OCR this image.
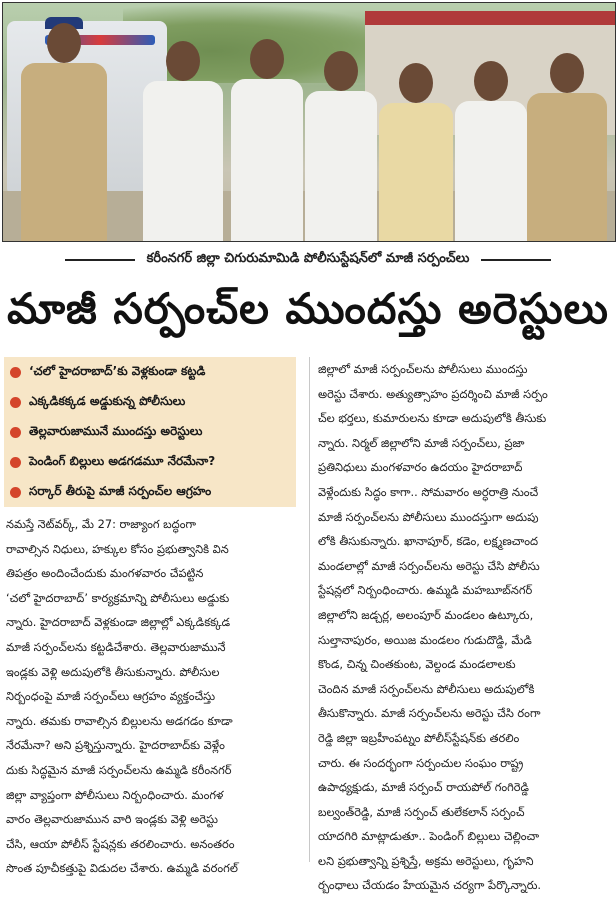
కరీంనగర్ జిల్లా చిగురుమామిడి పోలీసుస్టేషన్‌లో మాజీ సర్పంచ్‌లు
మాజీ సర్పంచ్‌ల ముందస్తు అరెస్టులు
‘చలో హైదరాబాద్’కు వెళ్లకుండా కట్టడి
ఎక్కడికక్కడ అడ్డుకున్న పోలీసులు
తెల్లవారుజామునే ముందస్తు అరెస్టులు
పెండింగ్ బిల్లులు అడగడమూ నేరమేనా?
సర్కార్ తీరుపై మాజీ సర్పంచ్‌ల ఆగ్రహం
నమస్తే నెట్‌వర్క్, మే 27: రాజ్యాంగ బద్ధంగా
రావాల్సిన నిధులు, హక్కుల కోసం ప్రభుత్వానికి విన
తిపత్రం అందించేందుకు మంగళవారం చేపట్టిన
‘చలో హైదరాబాద్’ కార్యక్రమాన్ని పోలీసులు అడ్డుకు
న్నారు. హైదరాబాద్ వెళ్లకుండా జిల్లాల్లో ఎక్కడికక్కడ
మాజీ సర్పంచ్‌లను కట్టడిచేశారు. తెల్లవారుజామునే
ఇండ్లకు వెళ్లి అదుపులోకి తీసుకున్నారు. పోలీసుల
నిర్బంధంపై మాజీ సర్పంచ్‌లు ఆగ్రహం వ్యక్తంచేస్తు
న్నారు. తమకు రావాల్సిన బిల్లులను అడగడం కూడా
నేరమేనా? అని ప్రశ్నిస్తున్నారు. హైదరాబాద్‌కు వెళ్లేం
దుకు సిద్ధమైన మాజీ సర్పంచ్‌లను ఉమ్మడి కరీంనగర్
జిల్లా వ్యాప్తంగా పోలీసులు నిర్బంధించారు. మంగళ
వారం తెల్లవారుజామున వారి ఇండ్లకు వెళ్లి అరెస్టు
చేసి, ఆయా పోలీస్ స్టేషన్లకు తరలించారు. అనంతరం
సొంత పూచీకత్తుపై విడుదల చేశారు. ఉమ్మడి వరంగల్
జిల్లాలో మాజీ సర్పంచ్‌లను పోలీసులు ముందస్తు
అరెస్టు చేశారు. అత్యుత్సాహం ప్రదర్శించి మాజీ సర్పం
చ్‌ల భర్తలు, కుమారులను కూడా అదుపులోకి తీసుకు
న్నారు. నిర్మల్ జిల్లాలోని మాజీ సర్పంచ్‌లు, ప్రజా
ప్రతినిధులు మంగళవారం ఉదయం హైదరాబాద్
వెళ్లేందుకు సిద్ధం కాగా.. సోమవారం అర్ధరాత్రి నుంచే
మాజీ సర్పంచ్‌లను పోలీసులు ముందస్తుగా అదుపు
లోకి తీసుకున్నారు. ఖానాపూర్, కడెం, లక్ష్మణచాంద
మండలాల్లో మాజీ సర్పంచ్‌లను అరెస్టు చేసి పోలీసు
స్టేషన్లలో నిర్బంధించారు. ఉమ్మడి మహబూబ్‌నగర్
జిల్లాలోని జడ్చర్ల, అలంపూర్ మండలం ఉట్కూరు,
సుల్తానాపురం, అయిజ మండలం గుడుదొడ్డి, మేడి
కొండ, చిన్న చింతకుంట, వెల్దండ మండలాలకు
చెందిన మాజీ సర్పంచ్‌లను పోలీసులు అదుపులోకి
తీసుకొన్నారు. మాజీ సర్పంచ్‌లను అరెస్టు చేసి రంగా
రెడ్డి జిల్లా ఇబ్రహీంపట్నం పోలీస్‌స్టేషన్‌కు తరలిం
చారు. ఈ సందర్భంగా సర్పంచుల సంఘం రాష్ట్ర
ఉపాధ్యక్షుడు, మాజీ సర్పంచ్ రాయపోల్ గంగిరెడ్డి
బల్వంత్‌రెడ్డి, మాజీ సర్పంచ్ తులేకలాన్ సర్పంచ్
యాదగిరి మాట్లాడుతూ.. పెండింగ్ బిల్లులు చెల్లించా
లని ప్రభుత్వాన్ని ప్రశ్నిస్తే, అక్రమ అరెస్టులు, గృహని
ర్బంధాలు చేయడం హేయమైన చర్యగా పేర్కొన్నారు.
